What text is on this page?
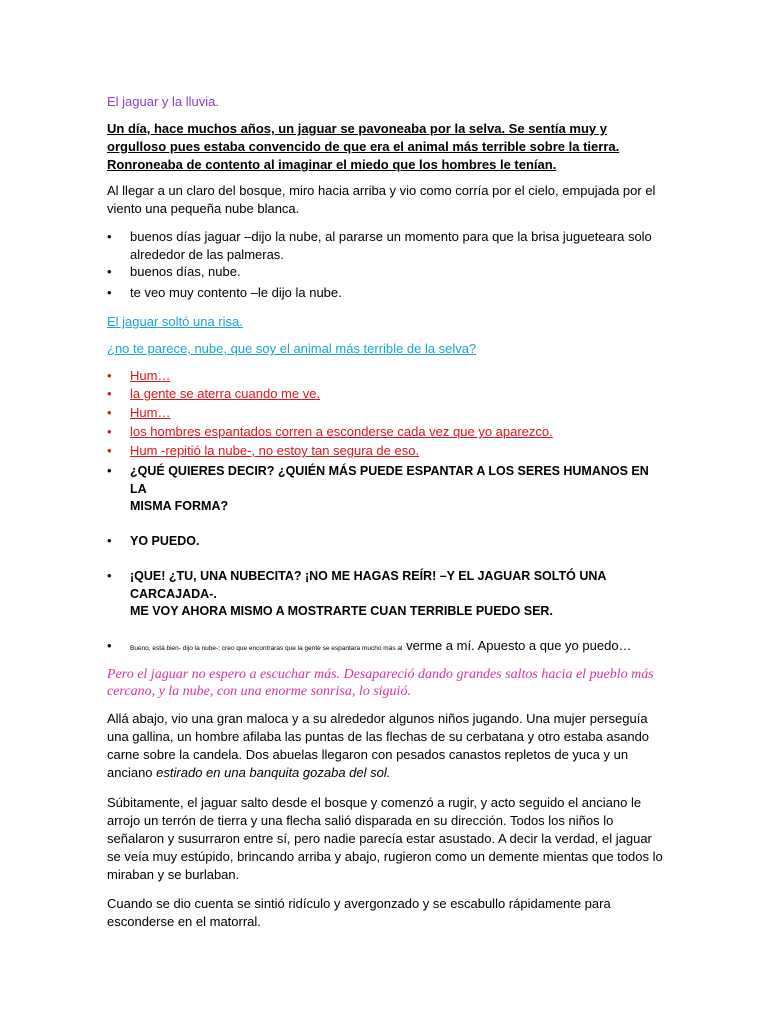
El jaguar y la lluvia.

Un día, hace muchos años, un jaguar se pavoneaba por la selva. Se sentía muy y orgulloso pues estaba convencido de que era el animal más terrible sobre la tierra. Ronroneaba de contento al imaginar el miedo que los hombres le tenían.

Al llegar a un claro del bosque, miro hacia arriba y vio como corría por el cielo, empujada por el viento una pequeña nube blanca.

•	buenos días jaguar –dijo la nube, al pararse un momento para que la brisa jugueteara solo alrededor de las palmeras.
•	buenos días, nube.
•	te veo muy contento –le dijo la nube.

El jaguar soltó una risa.

¿no te parece, nube, que soy el animal más terrible de la selva?

•	Hum…
•	la gente se aterra cuando me ve.
•	Hum…
•	los hombres espantados corren a esconderse cada vez que yo aparezco.
•	Hum -repitió la nube-, no estoy tan segura de eso.
•	¿QUÉ QUIERES DECIR? ¿QUIÉN MÁS PUEDE ESPANTAR A LOS SERES HUMANOS EN LA

MISMA FORMA?

•	YO PUEDO.
•	¡QUE! ¿TU, UNA NUBECITA? ¡NO ME HAGAS REÍR! –Y EL JAGUAR SOLTÓ UNA CARCAJADA-.

ME VOY AHORA MISMO A MOSTRARTE CUAN TERRIBLE PUEDO SER.

•	Bueno, está bien- dijo la nube-; creo que encontraras que la gente se espantara mucho más al verme a mí. Apuesto a que yo puedo…

Pero el jaguar no espero a escuchar más. Desapareció dando grandes saltos hacia el pueblo más cercano, y la nube, con una enorme sonrisa, lo siguió.

Allá abajo, vio una gran maloca y a su alrededor algunos niños jugando. Una mujer perseguía una gallina, un hombre afilaba las puntas de las flechas de su cerbatana y otro estaba asando carne sobre la candela. Dos abuelas llegaron con pesados canastos repletos de yuca y un anciano estirado en una banquita gozaba del sol.

Súbitamente, el jaguar salto desde el bosque y comenzó a rugir, y acto seguido el anciano le arrojo un terrón de tierra y una flecha salió disparada en su dirección. Todos los niños lo señalaron y susurraron entre sí, pero nadie parecía estar asustado. A decir la verdad, el jaguar se veía muy estúpido, brincando arriba y abajo, rugieron como un demente mientas que todos lo miraban y se burlaban.

Cuando se dio cuenta se sintió ridículo y avergonzado y se escabullo rápidamente para esconderse en el matorral.
